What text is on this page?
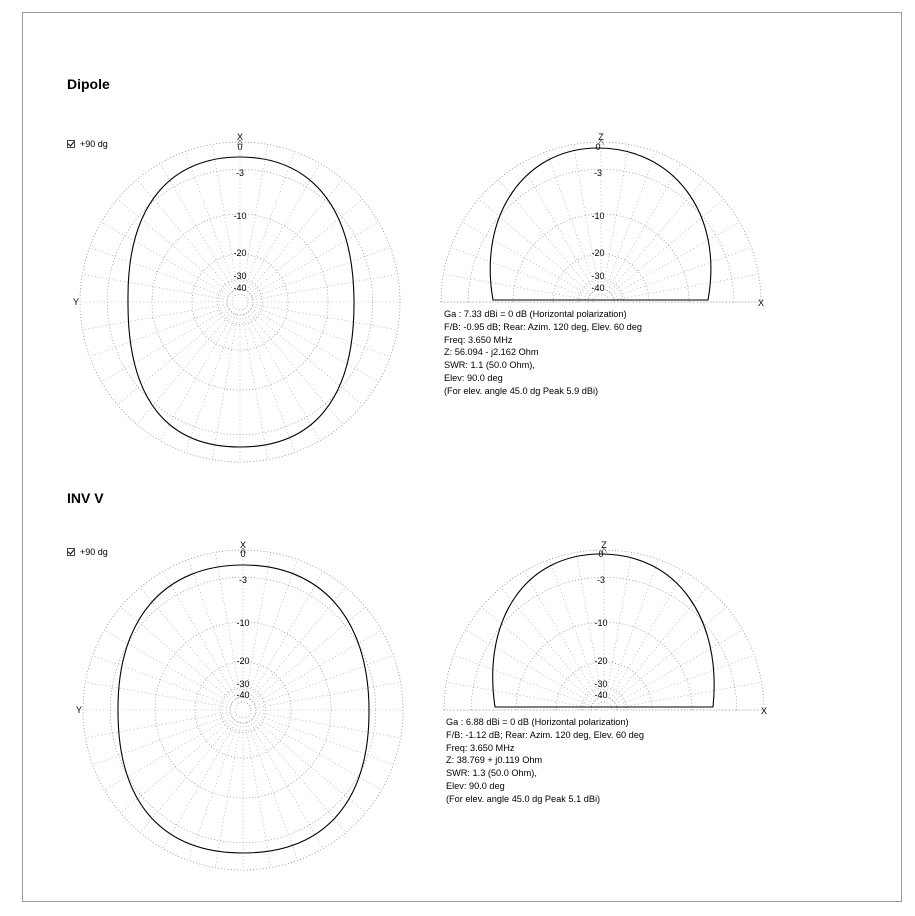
Dipole
+90 dg
X
Y
0
-3
-10
-20
-30
-40
Z
X
0
-3
-10
-20
-30
-40
X
Y
0
-3
-10
-20
-30
-40
Z
X
0
-3
-10
-20
-30
-40
Ga : 7.33 dBi = 0 dB (Horizontal polarization)
F/B: -0.95 dB; Rear: Azim. 120 deg, Elev. 60 deg
Freq: 3.650 MHz
Z: 56.094 - j2.162 Ohm
SWR: 1.1 (50.0 Ohm),
Elev: 90.0 deg
(For elev. angle 45.0 dg Peak 5.9 dBi)
INV V
+90 dg
Ga : 6.88 dBi = 0 dB (Horizontal polarization)
F/B: -1.12 dB; Rear: Azim. 120 deg, Elev. 60 deg
Freq: 3.650 MHz
Z: 38.769 + j0.119 Ohm
SWR: 1.3 (50.0 Ohm),
Elev: 90.0 deg
(For elev. angle 45.0 dg Peak 5.1 dBi)
